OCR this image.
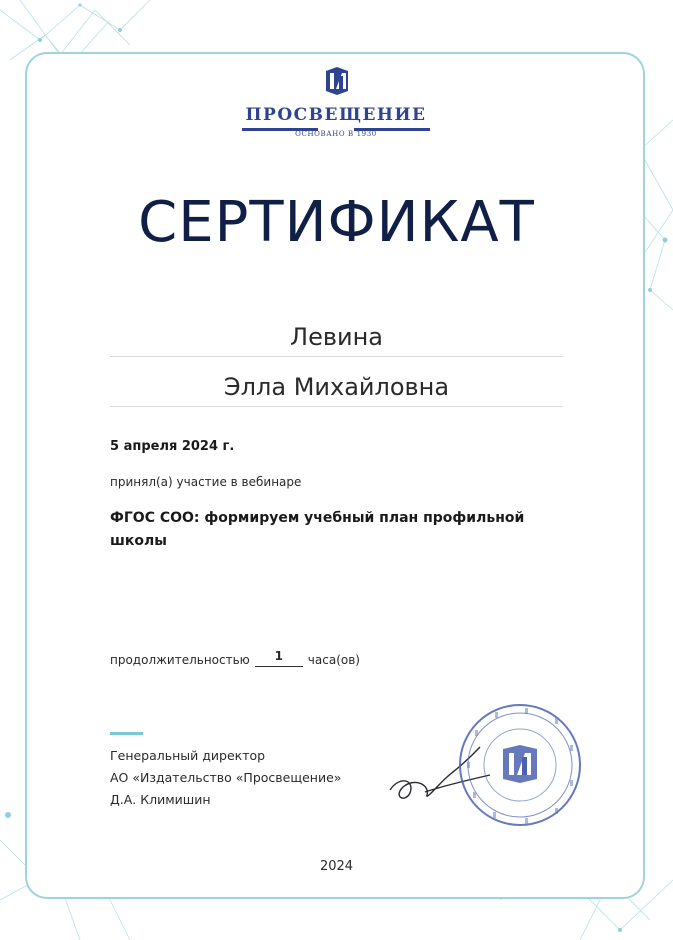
ПРОСВЕЩЕНИЕ
ОСНОВАНО В 1930
СЕРТИФИКАТ
Левина
Элла Михайловна
5 апреля 2024 г.
принял(а) участие в вебинаре
ФГОС СОО: формируем учебный план профильной школы
продолжительностью	1	часа(ов)
Генеральный директор
АО «Издательство «Просвещение»
Д.А. Климишин
2024
